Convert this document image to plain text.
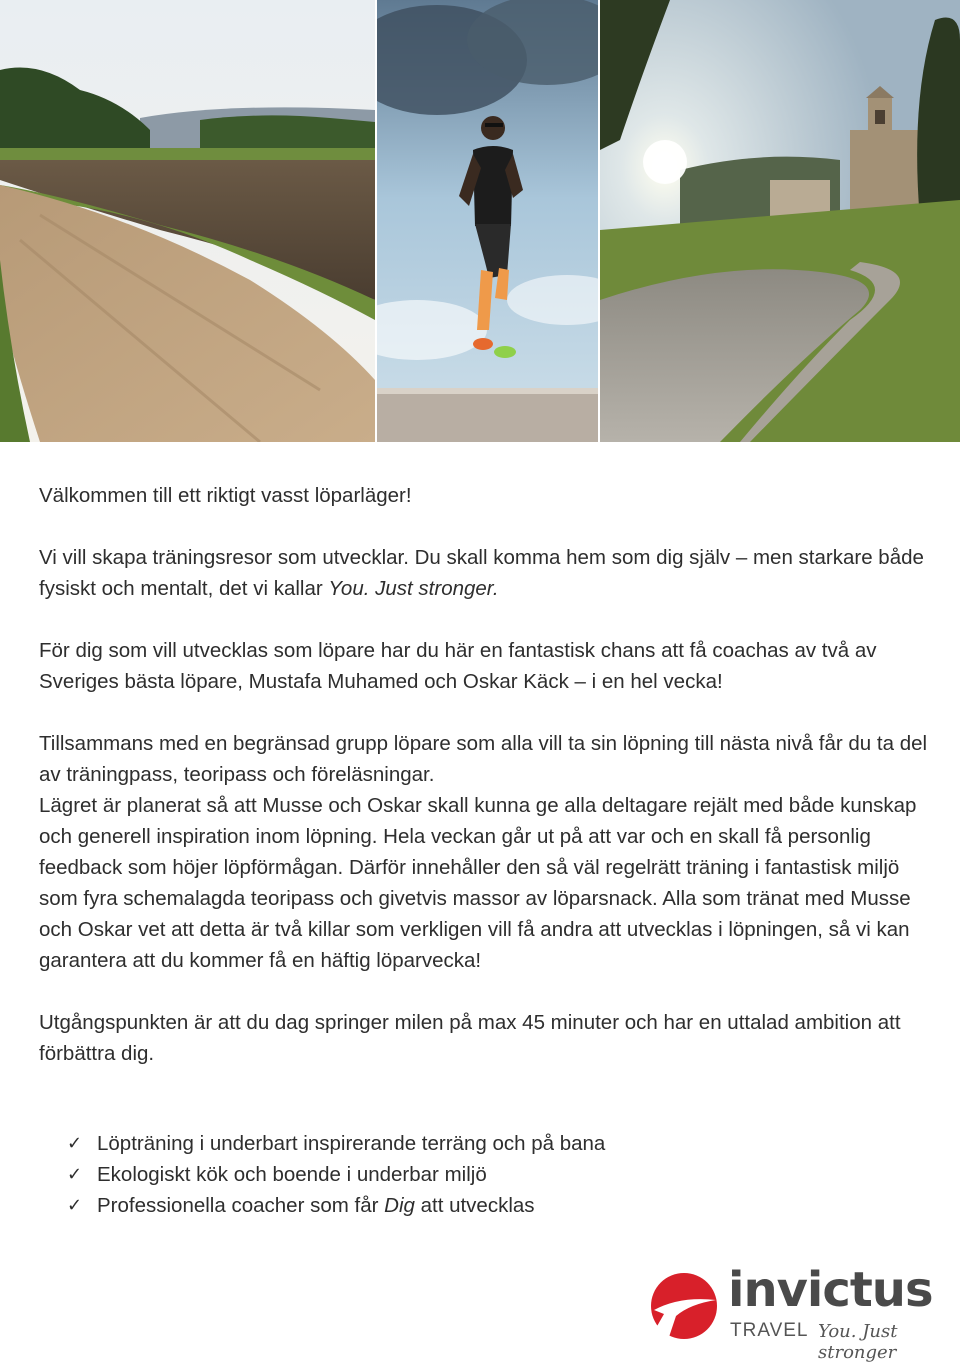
Välkommen till ett riktigt vasst löparläger!

Vi vill skapa träningsresor som utvecklar. Du skall komma hem som dig själv – men starkare både fysiskt och mentalt, det vi kallar You. Just stronger.

För dig som vill utvecklas som löpare har du här en fantastisk chans att få coachas av två av Sveriges bästa löpare, Mustafa Muhamed och Oskar Käck – i en hel vecka!

Tillsammans med en begränsad grupp löpare som alla vill ta sin löpning till nästa nivå får du ta del av träningpass, teoripass och föreläsningar.

Lägret är planerat så att Musse och Oskar skall kunna ge alla deltagare rejält med både kunskap och generell inspiration inom löpning. Hela veckan går ut på att var och en skall få personlig feedback som höjer löpförmågan. Därför innehåller den så väl regelrätt träning i fantastisk miljö som fyra schemalagda teoripass och givetvis massor av löparsnack. Alla som tränat med Musse och Oskar vet att detta är två killar som verkligen vill få andra att utvecklas i löpningen, så vi kan garantera att du kommer få en häftig löparvecka!

Utgångspunkten är att du dag springer milen på max 45 minuter och har en uttalad ambition att förbättra dig.

✓ Löpträning i underbart inspirerande terräng och på bana
✓ Ekologiskt kök och boende i underbar miljö
✓ Professionella coacher som får Dig att utvecklas
invictus
TRAVEL You. Just stronger
